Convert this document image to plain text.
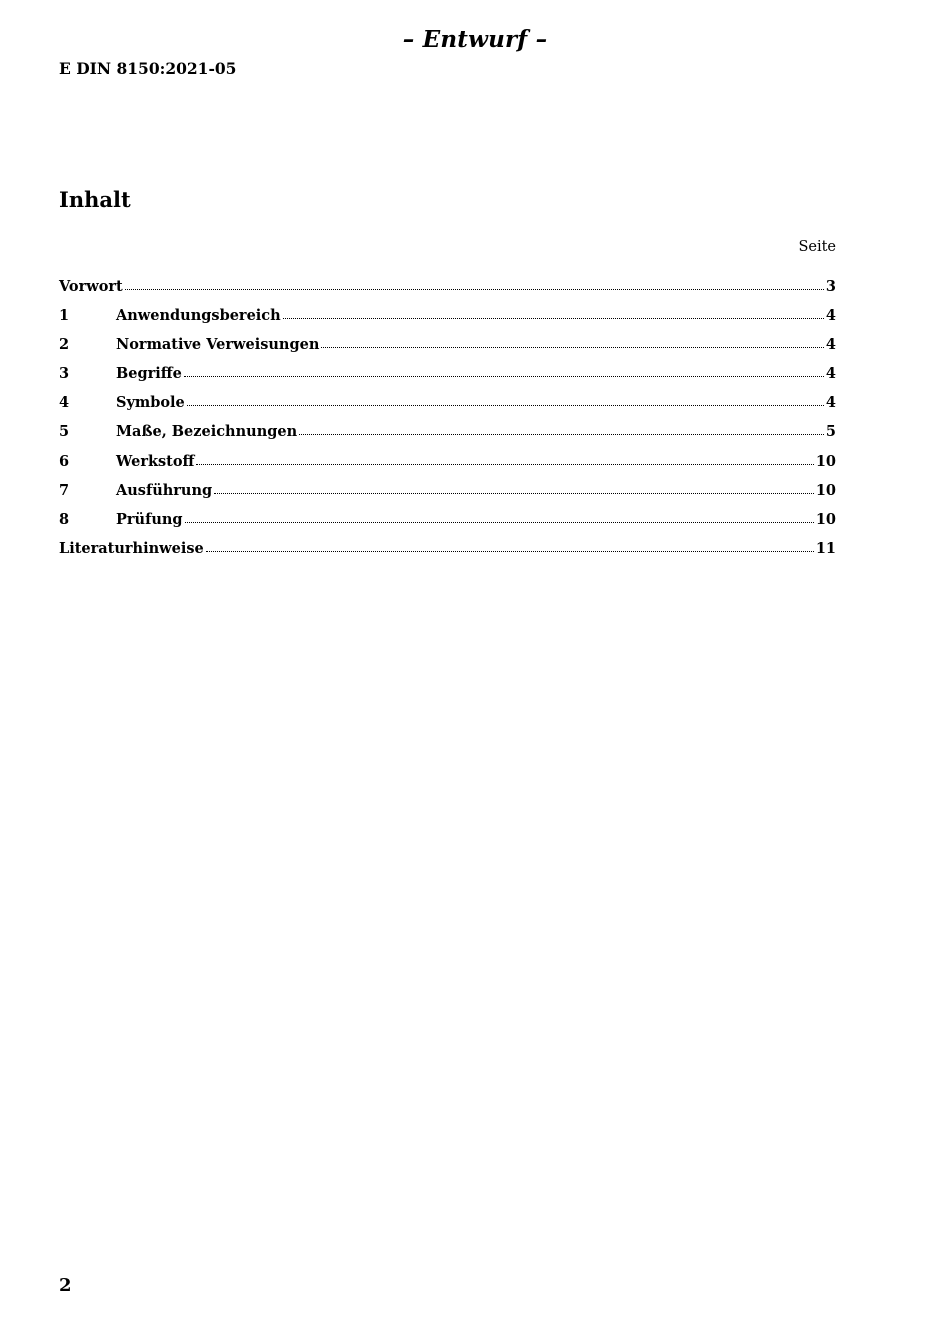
– Entwurf –
E DIN 8150:2021-05
Inhalt
Seite
Vorwort	3
1	Anwendungsbereich	4
2	Normative Verweisungen	4
3	Begriffe	4
4	Symbole	4
5	Maße, Bezeichnungen	5
6	Werkstoff	10
7	Ausführung	10
8	Prüfung	10
Literaturhinweise	11
2
